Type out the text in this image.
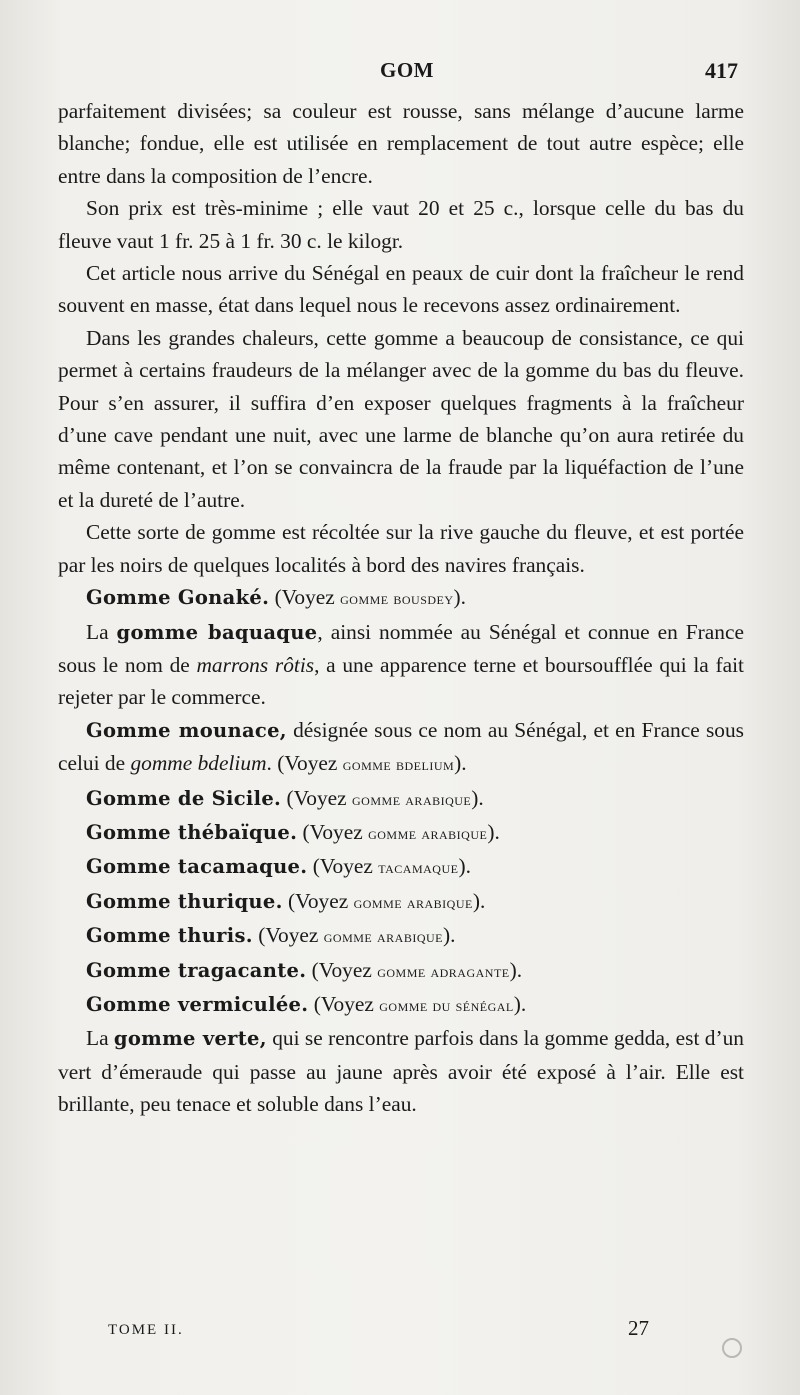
GOM	417

parfaitement divisées; sa couleur est rousse, sans mélange d’aucune larme blanche; fondue, elle est utilisée en remplacement de tout autre espèce; elle entre dans la composition de l’encre.

Son prix est très-minime ; elle vaut 20 et 25 c., lorsque celle du bas du fleuve vaut 1 fr. 25 à 1 fr. 30 c. le kilogr.

Cet article nous arrive du Sénégal en peaux de cuir dont la fraîcheur le rend souvent en masse, état dans lequel nous le recevons assez ordinairement.

Dans les grandes chaleurs, cette gomme a beaucoup de consistance, ce qui permet à certains fraudeurs de la mélanger avec de la gomme du bas du fleuve. Pour s’en assurer, il suffira d’en exposer quelques fragments à la fraîcheur d’une cave pendant une nuit, avec une larme de blanche qu’on aura retirée du même contenant, et l’on se convaincra de la fraude par la liquéfaction de l’une et la dureté de l’autre.

Cette sorte de gomme est récoltée sur la rive gauche du fleuve, et est portée par les noirs de quelques localités à bord des navires français.

Gomme Gonaké. (Voyez gomme bousdey).

La gomme baquaque, ainsi nommée au Sénégal et connue en France sous le nom de marrons rôtis, a une apparence terne et boursoufflée qui la fait rejeter par le commerce.

Gomme mounace, désignée sous ce nom au Sénégal, et en France sous celui de gomme bdelium. (Voyez gomme bdelium).

Gomme de Sicile. (Voyez gomme arabique).

Gomme thébaïque. (Voyez gomme arabique).

Gomme tacamaque. (Voyez tacamaque).

Gomme thurique. (Voyez gomme arabique).

Gomme thuris. (Voyez gomme arabique).

Gomme tragacante. (Voyez gomme adragante).

Gomme vermiculée. (Voyez gomme du sénégal).

La gomme verte, qui se rencontre parfois dans la gomme gedda, est d’un vert d’émeraude qui passe au jaune après avoir été exposé à l’air. Elle est brillante, peu tenace et soluble dans l’eau.

TOME II.	27
